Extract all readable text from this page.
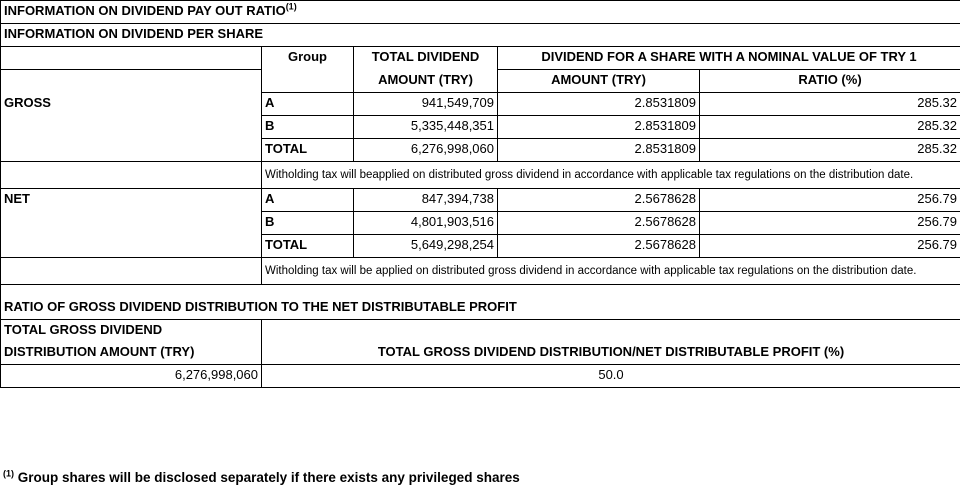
INFORMATION ON DIVIDEND PAY OUT RATIO$^{(1)}$
INFORMATION ON DIVIDEND PER SHARE				
	Group	TOTAL DIVIDEND	DIVIDEND FOR A SHARE WITH A NOMINAL VALUE OF TRY 1	
		AMOUNT (TRY)	AMOUNT (TRY)	RATIO (%)
GROSS	A	941,549,709	2.8531809	285.32
	B	5,335,448,351	2.8531809	285.32
	TOTAL	6,276,998,060	2.8531809	285.32
	Witholding tax will beapplied on distributed gross dividend in accordance with applicable tax regulations on the distribution date.			
NET	A	847,394,738	2.5678628	256.79
	B	4,801,903,516	2.5678628	256.79
	TOTAL	5,649,298,254	2.5678628	256.79
	Witholding tax will be applied on distributed gross dividend in accordance with applicable tax regulations on the distribution date.			
RATIO OF GROSS DIVIDEND DISTRIBUTION TO THE NET DISTRIBUTABLE PROFIT				
TOTAL GROSS DIVIDEND				
DISTRIBUTION AMOUNT (TRY)	TOTAL GROSS DIVIDEND DISTRIBUTION/NET DISTRIBUTABLE PROFIT (%)			
6,276,998,060	50.0			
$^{(1)}$ Group shares will be disclosed separately if there exists any privileged shares
